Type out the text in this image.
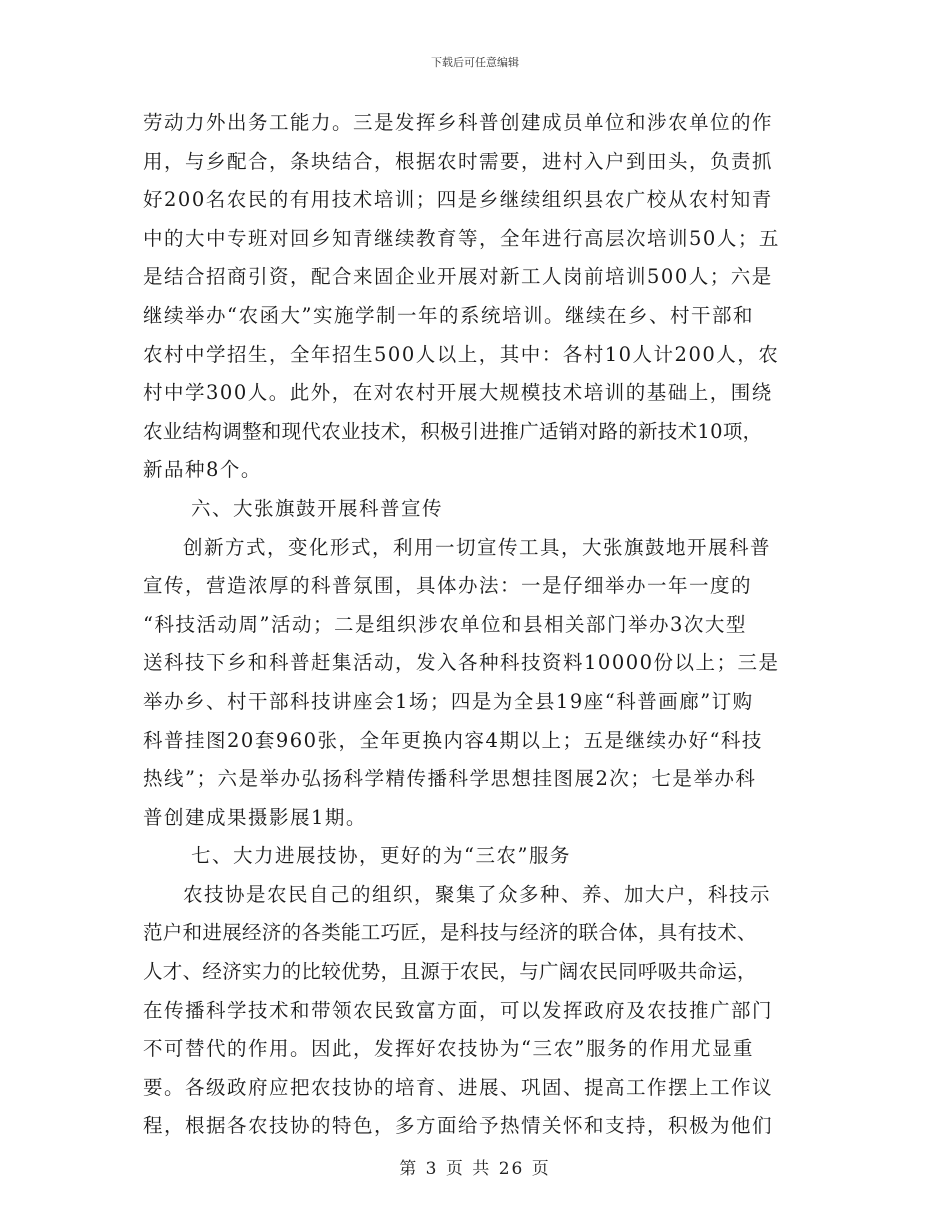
下载后可任意编辑
劳动力外出务工能力。三是发挥乡科普创建成员单位和涉农单位的作
用，与乡配合，条块结合，根据农时需要，进村入户到田头，负责抓
好200名农民的有用技术培训；四是乡继续组织县农广校从农村知青
中的大中专班对回乡知青继续教育等，全年进行高层次培训50人；五
是结合招商引资，配合来固企业开展对新工人岗前培训500人；六是
继续举办“农函大”实施学制一年的系统培训。继续在乡、村干部和
农村中学招生，全年招生500人以上，其中：各村10人计200人，农
村中学300人。此外，在对农村开展大规模技术培训的基础上，围绕
农业结构调整和现代农业技术，积极引进推广适销对路的新技术10项，
新品种8个。
六、大张旗鼓开展科普宣传
创新方式，变化形式，利用一切宣传工具，大张旗鼓地开展科普
宣传，营造浓厚的科普氛围，具体办法：一是仔细举办一年一度的
“科技活动周”活动；二是组织涉农单位和县相关部门举办3次大型
送科技下乡和科普赶集活动，发入各种科技资料10000份以上；三是
举办乡、村干部科技讲座会1场；四是为全县19座“科普画廊”订购
科普挂图20套960张，全年更换内容4期以上；五是继续办好“科技
热线”；六是举办弘扬科学精传播科学思想挂图展2次；七是举办科
普创建成果摄影展1期。
七、大力进展技协，更好的为“三农”服务
农技协是农民自己的组织，聚集了众多种、养、加大户，科技示
范户和进展经济的各类能工巧匠，是科技与经济的联合体，具有技术、
人才、经济实力的比较优势，且源于农民，与广阔农民同呼吸共命运，
在传播科学技术和带领农民致富方面，可以发挥政府及农技推广部门
不可替代的作用。因此，发挥好农技协为“三农”服务的作用尤显重
要。各级政府应把农技协的培育、进展、巩固、提高工作摆上工作议
程，根据各农技协的特色，多方面给予热情关怀和支持，积极为他们
第 3 页 共 26 页
